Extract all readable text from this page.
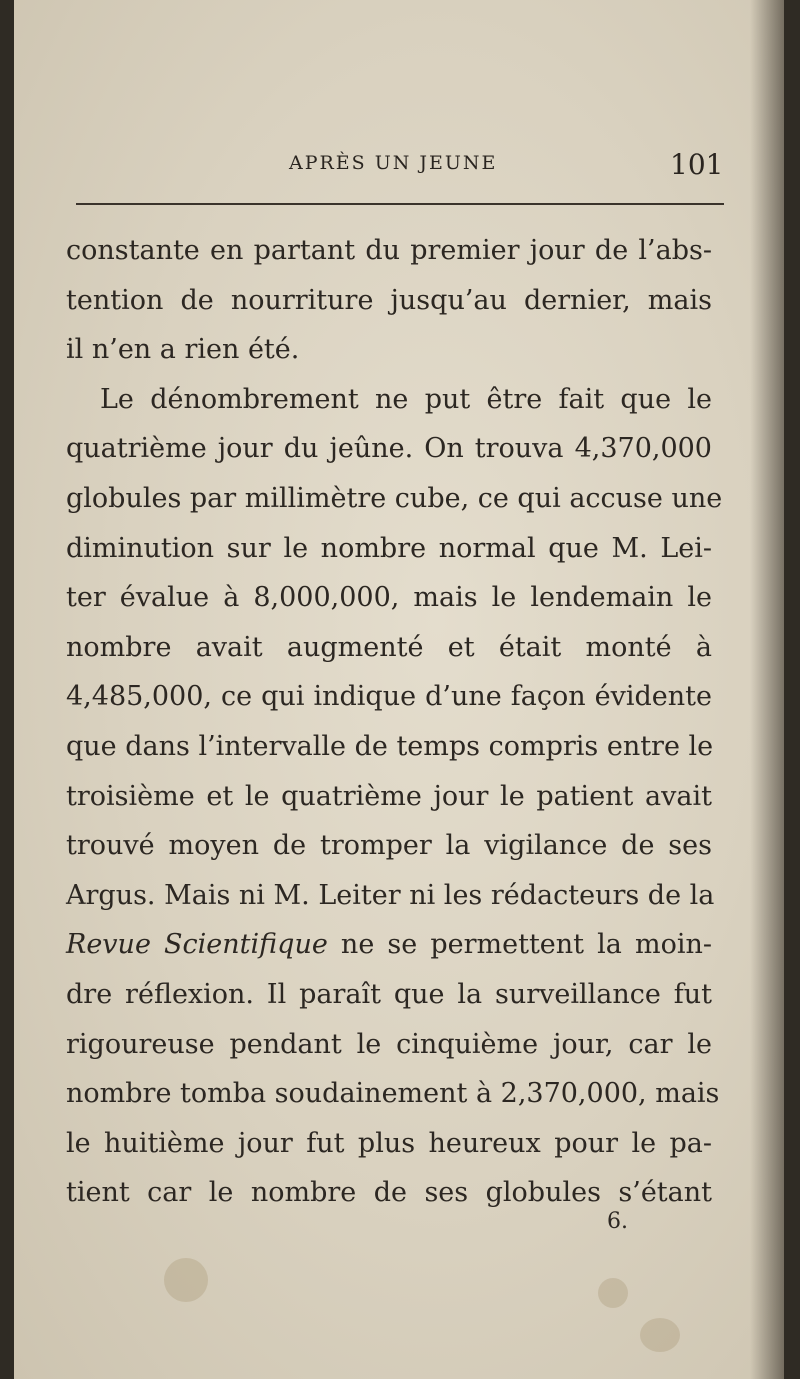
APRÈS UN JEUNE	101
constante en partant du premier jour de l’abs-
tention de nourriture jusqu’au dernier, mais
il n’en a rien été.
Le dénombrement ne put être fait que le
quatrième jour du jeûne. On trouva 4,370,000
globules par millimètre cube, ce qui accuse une
diminution sur le nombre normal que M. Lei-
ter évalue à 8,000,000, mais le lendemain le
nombre avait augmenté et était monté à
4,485,000, ce qui indique d’une façon évidente
que dans l’intervalle de temps compris entre le
troisième et le quatrième jour le patient avait
trouvé moyen de tromper la vigilance de ses
Argus. Mais ni M. Leiter ni les rédacteurs de la
Revue Scientifique ne se permettent la moin-
dre réflexion. Il paraît que la surveillance fut
rigoureuse pendant le cinquième jour, car le
nombre tomba soudainement à 2,370,000, mais
le huitième jour fut plus heureux pour le pa-
tient car le nombre de ses globules s’étant
6.
